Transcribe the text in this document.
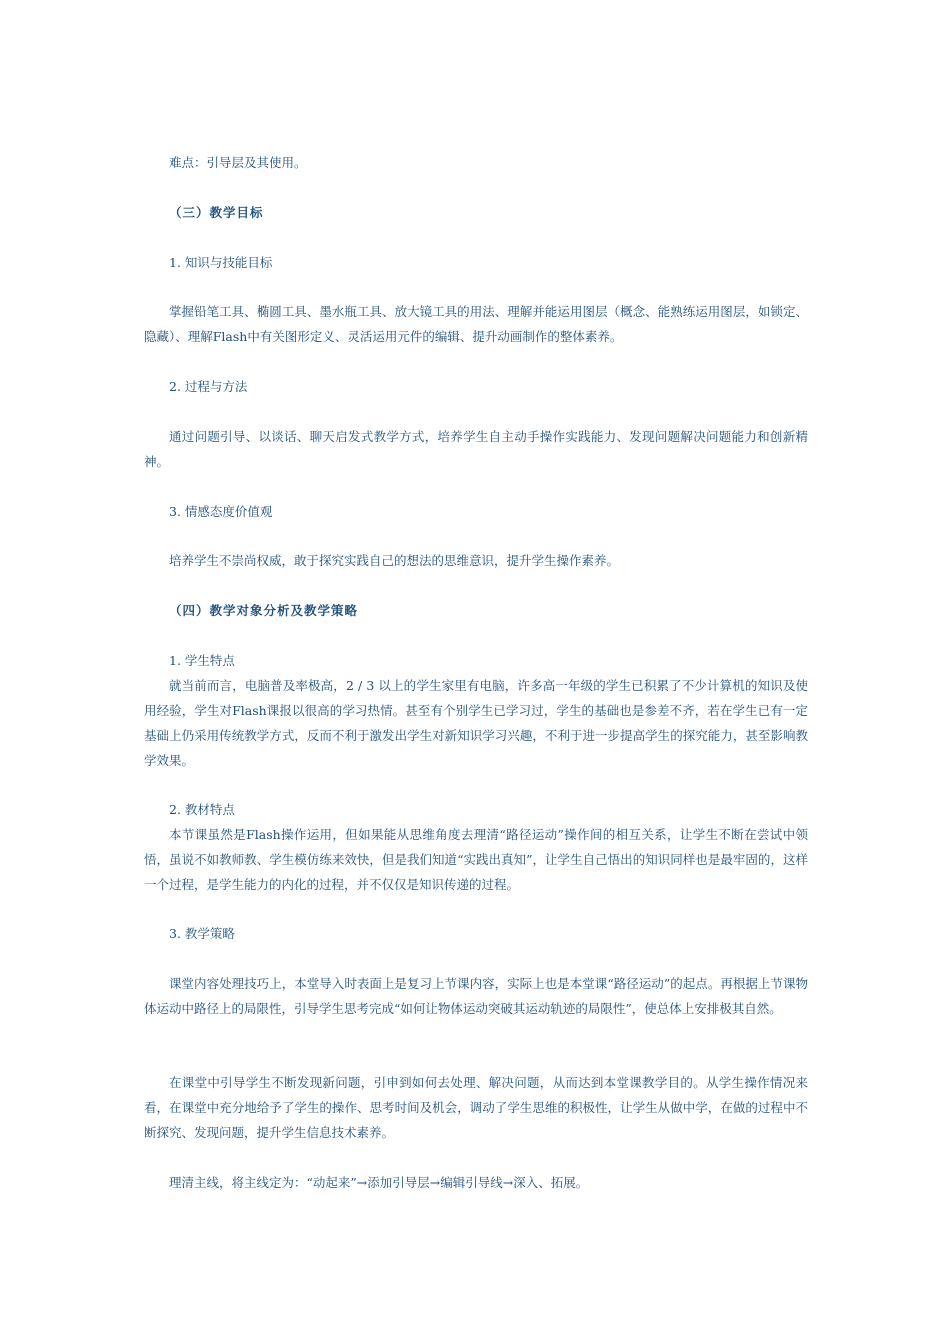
难点：引导层及其使用。
（三）教学目标
1. 知识与技能目标
掌握铅笔工具、椭圆工具、墨水瓶工具、放大镜工具的用法、理解并能运用图层（概念、能熟练运用图层，如锁定、隐藏）、理解Flash中有关图形定义、灵活运用元件的编辑、提升动画制作的整体素养。
2. 过程与方法
通过问题引导、以谈话、聊天启发式教学方式，培养学生自主动手操作实践能力、发现问题解决问题能力和创新精神。
3. 情感态度价值观
培养学生不崇尚权威，敢于探究实践自己的想法的思维意识，提升学生操作素养。
（四）教学对象分析及教学策略
1. 学生特点
就当前而言，电脑普及率极高，2 / 3 以上的学生家里有电脑，许多高一年级的学生已积累了不少计算机的知识及使用经验，学生对Flash课报以很高的学习热情。甚至有个别学生已学习过，学生的基础也是参差不齐，若在学生已有一定基础上仍采用传统教学方式，反而不利于激发出学生对新知识学习兴趣，不利于进一步提高学生的探究能力，甚至影响教学效果。
2. 教材特点
本节课虽然是Flash操作运用，但如果能从思维角度去理清“路径运动”操作间的相互关系，让学生不断在尝试中领悟，虽说不如教师教、学生模仿练来效快，但是我们知道“实践出真知”，让学生自己悟出的知识同样也是最牢固的，这样一个过程，是学生能力的内化的过程，并不仅仅是知识传递的过程。
3. 教学策略
课堂内容处理技巧上，本堂导入时表面上是复习上节课内容，实际上也是本堂课“路径运动”的起点。再根据上节课物体运动中路径上的局限性，引导学生思考完成“如何让物体运动突破其运动轨迹的局限性”，使总体上安排极其自然。
在课堂中引导学生不断发现新问题，引申到如何去处理、解决问题，从而达到本堂课教学目的。从学生操作情况来看，在课堂中充分地给予了学生的操作、思考时间及机会，调动了学生思维的积极性，让学生从做中学，在做的过程中不断探究、发现问题，提升学生信息技术素养。
理清主线，将主线定为：“动起来”→添加引导层→编辑引导线→深入、拓展。
